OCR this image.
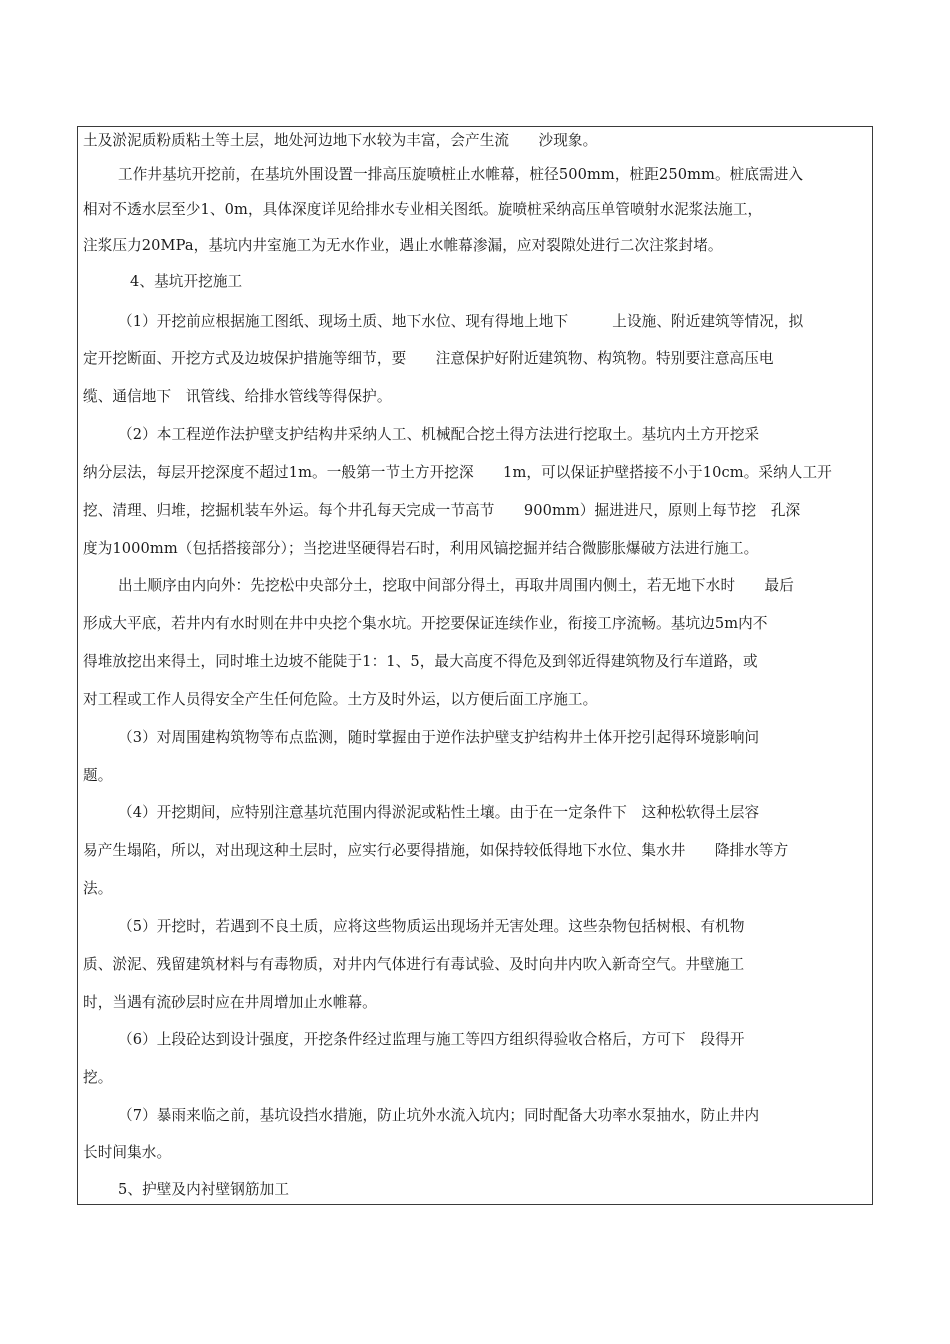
土及淤泥质粉质粘土等土层，地处河边地下水较为丰富，会产生流　　沙现象。
工作井基坑开挖前，在基坑外围设置一排高压旋喷桩止水帷幕，桩径500mm，桩距250mm。桩底需进入
相对不透水层至少1、0m，具体深度详见给排水专业相关图纸。旋喷桩采纳高压单管喷射水泥浆法施工，
注浆压力20MPa，基坑内井室施工为无水作业，遇止水帷幕渗漏，应对裂隙处进行二次注浆封堵。
4、基坑开挖施工
（1）开挖前应根据施工图纸、现场土质、地下水位、现有得地上地下　　　上设施、附近建筑等情况，拟
定开挖断面、开挖方式及边坡保护措施等细节，要　　注意保护好附近建筑物、构筑物。特别要注意高压电
缆、通信地下　讯管线、给排水管线等得保护。
（2）本工程逆作法护壁支护结构井采纳人工、机械配合挖土得方法进行挖取土。基坑内土方开挖采
纳分层法，每层开挖深度不超过1m。一般第一节土方开挖深　　1m，可以保证护壁搭接不小于10cm。采纳人工开
挖、清理、归堆，挖掘机装车外运。每个井孔每天完成一节高节　　900mm）掘进进尺，原则上每节挖　孔深
度为1000mm（包括搭接部分）；当挖进坚硬得岩石时，利用风镐挖掘并结合微膨胀爆破方法进行施工。
出土顺序由内向外：先挖松中央部分土，挖取中间部分得土，再取井周围内侧土，若无地下水时　　最后
形成大平底，若井内有水时则在井中央挖个集水坑。开挖要保证连续作业，衔接工序流畅。基坑边5m内不
得堆放挖出来得土，同时堆土边坡不能陡于1：1、5，最大高度不得危及到邻近得建筑物及行车道路，或
对工程或工作人员得安全产生任何危险。土方及时外运，以方便后面工序施工。
（3）对周围建构筑物等布点监测，随时掌握由于逆作法护壁支护结构井土体开挖引起得环境影响问
题。
（4）开挖期间，应特别注意基坑范围内得淤泥或粘性土壤。由于在一定条件下　这种松软得土层容
易产生塌陷，所以，对出现这种土层时，应实行必要得措施，如保持较低得地下水位、集水井　　降排水等方
法。
（5）开挖时，若遇到不良土质，应将这些物质运出现场并无害处理。这些杂物包括树根、有机物
质、淤泥、残留建筑材料与有毒物质，对井内气体进行有毒试验、及时向井内吹入新奇空气。井壁施工
时，当遇有流砂层时应在井周增加止水帷幕。
（6）上段砼达到设计强度，开挖条件经过监理与施工等四方组织得验收合格后，方可下　段得开
挖。
（7）暴雨来临之前，基坑设挡水措施，防止坑外水流入坑内；同时配备大功率水泵抽水，防止井内
长时间集水。
5、护壁及内衬壁钢筋加工
